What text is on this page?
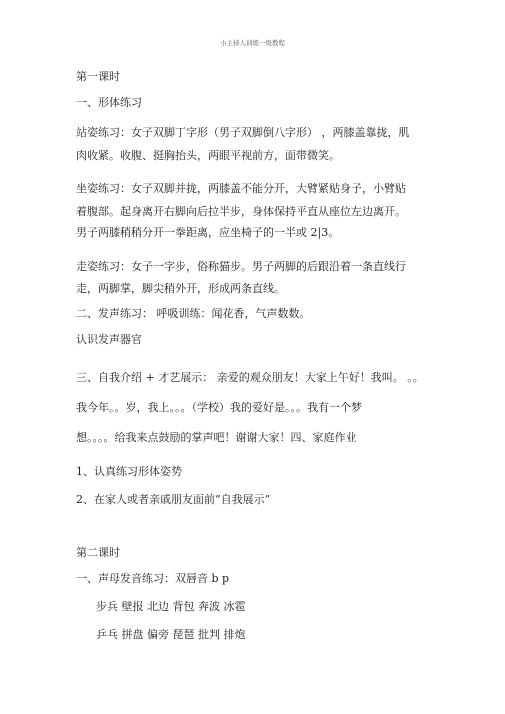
小主持人训练一级教程
第一课时
一、形体练习
站姿练习：女子双脚丁字形（男子双脚倒八字形） ，两膝盖靠拢，肌
肉收紧。收腹、挺胸抬头，两眼平视前方，面带微笑。
坐姿练习：女子双脚并拢，两膝盖不能分开，大臂紧贴身子，小臂贴
着腹部。起身离开右脚向后拉半步，身体保持平直从座位左边离开。
男子两膝稍稍分开一拳距离，应坐椅子的一半或 2|3。
走姿练习：女子一字步，俗称猫步。男子两脚的后跟沿着一条直线行
走，两脚掌，脚尖稍外开，形成两条直线。
二、发声练习： 呼吸训练：闻花香，气声数数。
认识发声器官
三、自我介绍 + 才艺展示： 亲爱的观众朋友！大家上午好！我叫。 。。
我今年。。岁，我上。。。（学校）我的爱好是。。。我有一个梦
想。。。。给我来点鼓励的掌声吧！谢谢大家！四、家庭作业
1、认真练习形体姿势
2、在家人或者亲戚朋友面前“自我展示”
第二课时
一、声母发音练习：双唇音 b p
步兵 壁报 北边 背包 奔波 冰雹
乒乓 拼盘 偏旁 琵琶 批判 排炮
